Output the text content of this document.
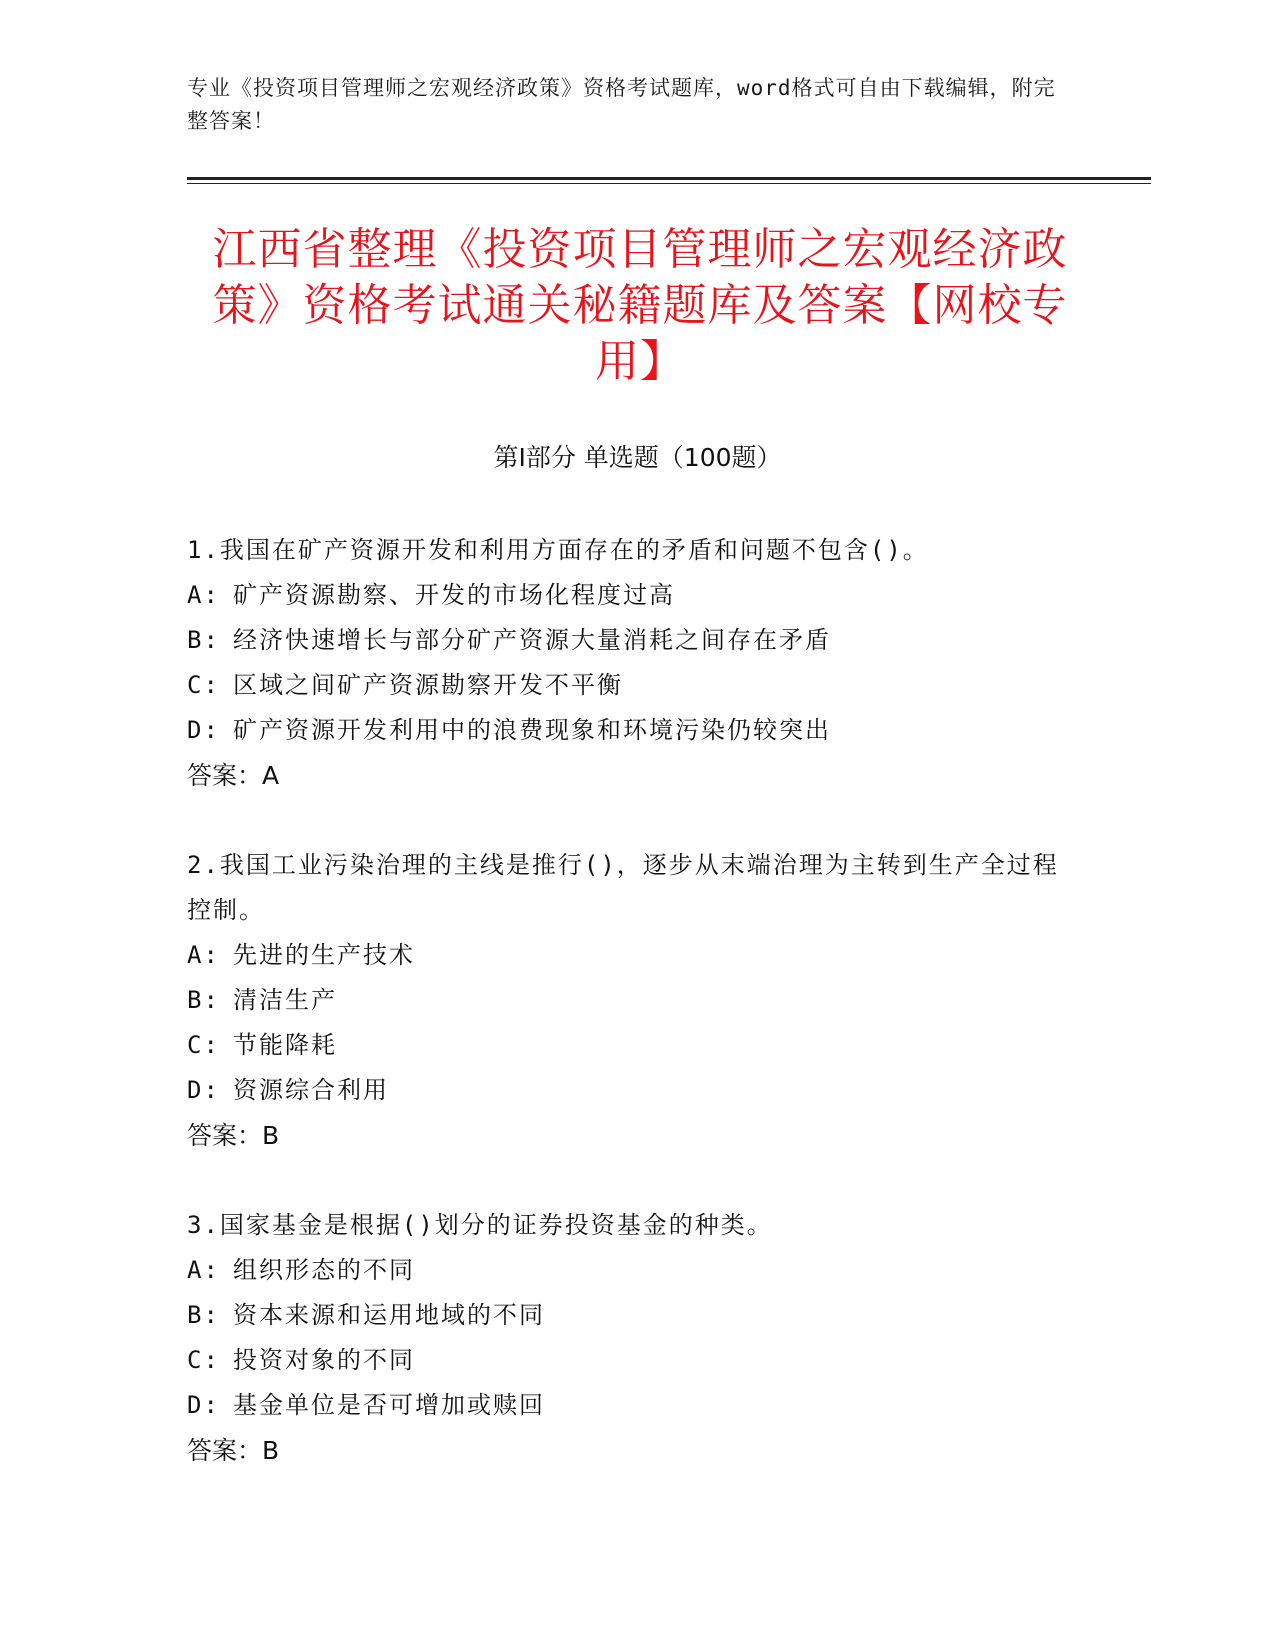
专业《投资项目管理师之宏观经济政策》资格考试题库，word格式可自由下载编辑，附完整答案！
江西省整理《投资项目管理师之宏观经济政策》资格考试通关秘籍题库及答案【网校专用】
第I部分 单选题（100题）
1.我国在矿产资源开发和利用方面存在的矛盾和问题不包含()。
A: 矿产资源勘察、开发的市场化程度过高
B: 经济快速增长与部分矿产资源大量消耗之间存在矛盾
C: 区域之间矿产资源勘察开发不平衡
D: 矿产资源开发利用中的浪费现象和环境污染仍较突出
答案：A
2.我国工业污染治理的主线是推行()，逐步从末端治理为主转到生产全过程控制。
A: 先进的生产技术
B: 清洁生产
C: 节能降耗
D: 资源综合利用
答案：B
3.国家基金是根据()划分的证券投资基金的种类。
A: 组织形态的不同
B: 资本来源和运用地域的不同
C: 投资对象的不同
D: 基金单位是否可增加或赎回
答案：B
